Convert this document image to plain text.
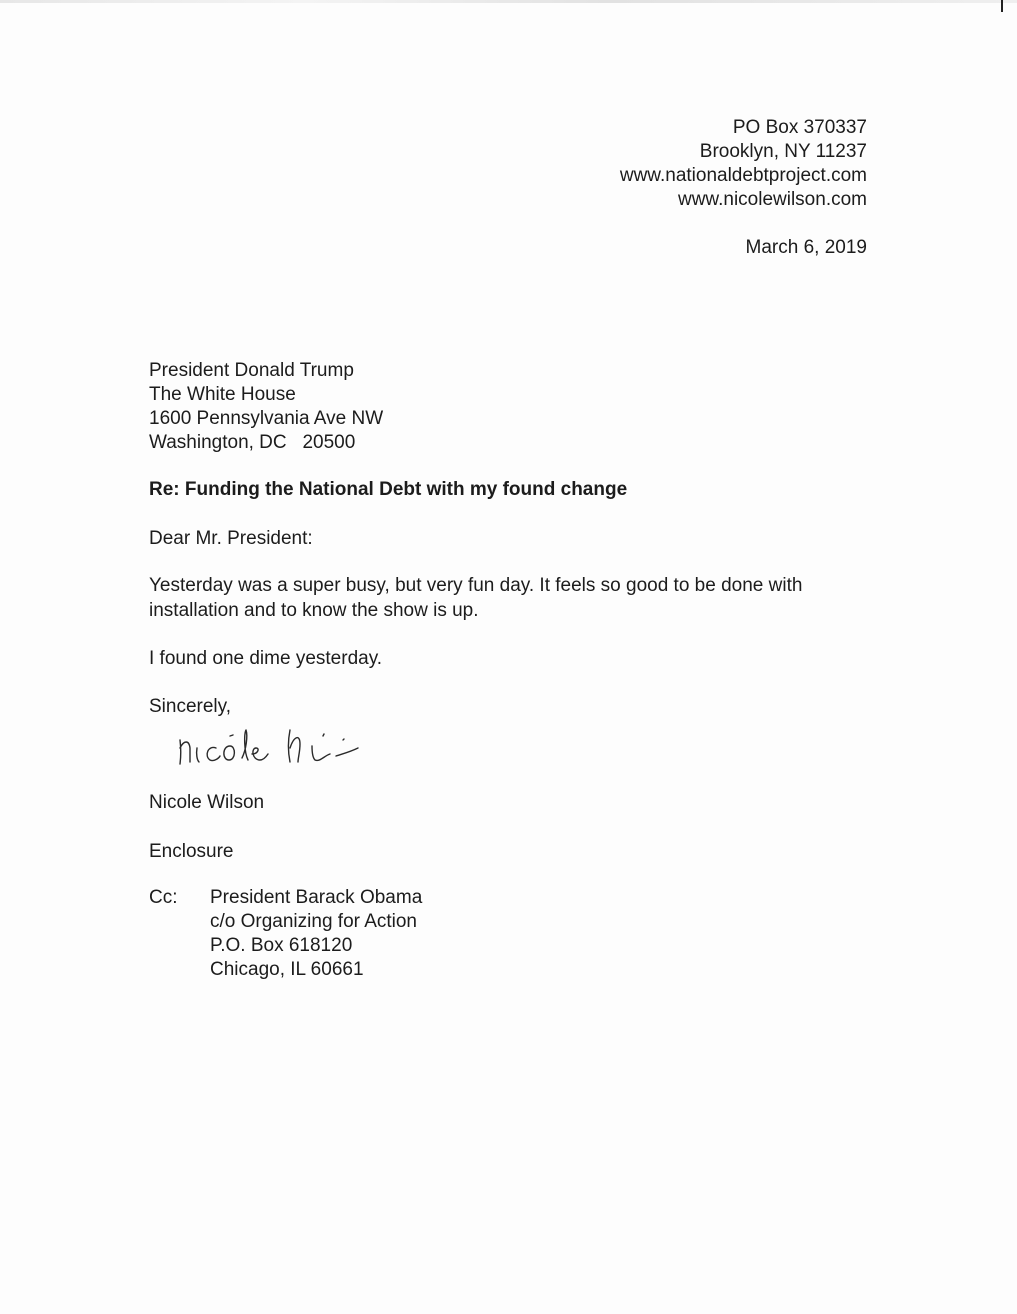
PO Box 370337
Brooklyn, NY 11237
www.nationaldebtproject.com
www.nicolewilson.com
March 6, 2019
President Donald Trump
The White House
1600 Pennsylvania Ave NW
Washington, DC   20500
Re: Funding the National Debt with my found change
Dear Mr. President:
Yesterday was a super busy, but very fun day. It feels so good to be done with installation and to know the show is up.
I found one dime yesterday.
Sincerely,
Nicole Wilson
Enclosure
Cc: President Barack Obama
c/o Organizing for Action
P.O. Box 618120
Chicago, IL 60661
